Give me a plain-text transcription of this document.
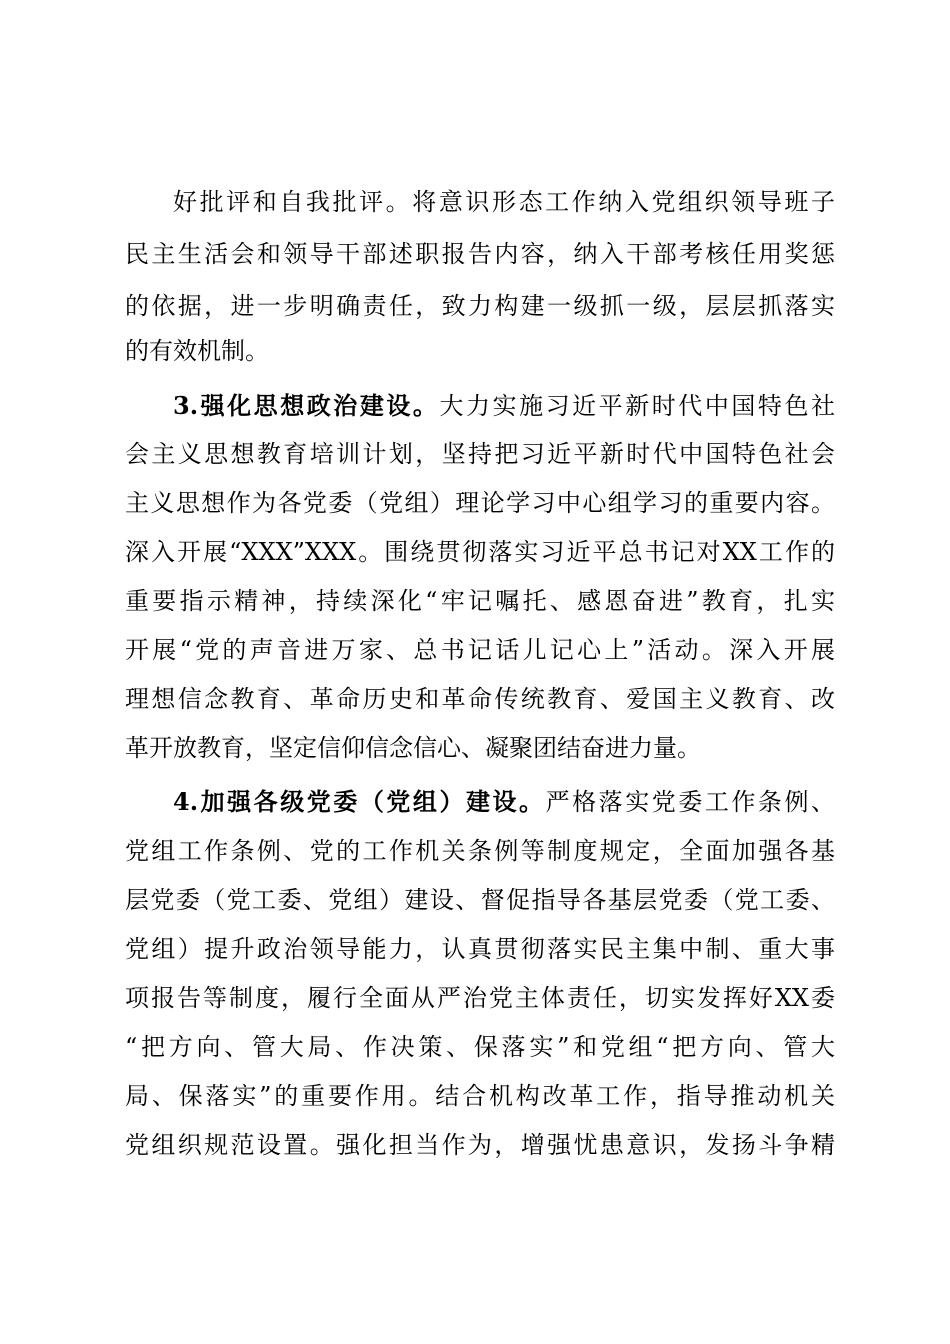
好批评和自我批评。将意识形态工作纳入党组织领导班子
民主生活会和领导干部述职报告内容，纳入干部考核任用奖惩
的依据，进一步明确责任，致力构建一级抓一级，层层抓落实
的有效机制。
3.强化思想政治建设。大力实施习近平新时代中国特色社
会主义思想教育培训计划，坚持把习近平新时代中国特色社会
主义思想作为各党委（党组）理论学习中心组学习的重要内容。
深入开展“XXX”XXX。围绕贯彻落实习近平总书记对XX工作的
重要指示精神，持续深化“牢记嘱托、感恩奋进”教育，扎实
开展“党的声音进万家、总书记话儿记心上”活动。深入开展
理想信念教育、革命历史和革命传统教育、爱国主义教育、改
革开放教育，坚定信仰信念信心、凝聚团结奋进力量。
4.加强各级党委（党组）建设。严格落实党委工作条例、
党组工作条例、党的工作机关条例等制度规定，全面加强各基
层党委（党工委、党组）建设、督促指导各基层党委（党工委、
党组）提升政治领导能力，认真贯彻落实民主集中制、重大事
项报告等制度，履行全面从严治党主体责任，切实发挥好XX委
“把方向、管大局、作决策、保落实”和党组“把方向、管大
局、保落实”的重要作用。结合机构改革工作，指导推动机关
党组织规范设置。强化担当作为，增强忧患意识，发扬斗争精
